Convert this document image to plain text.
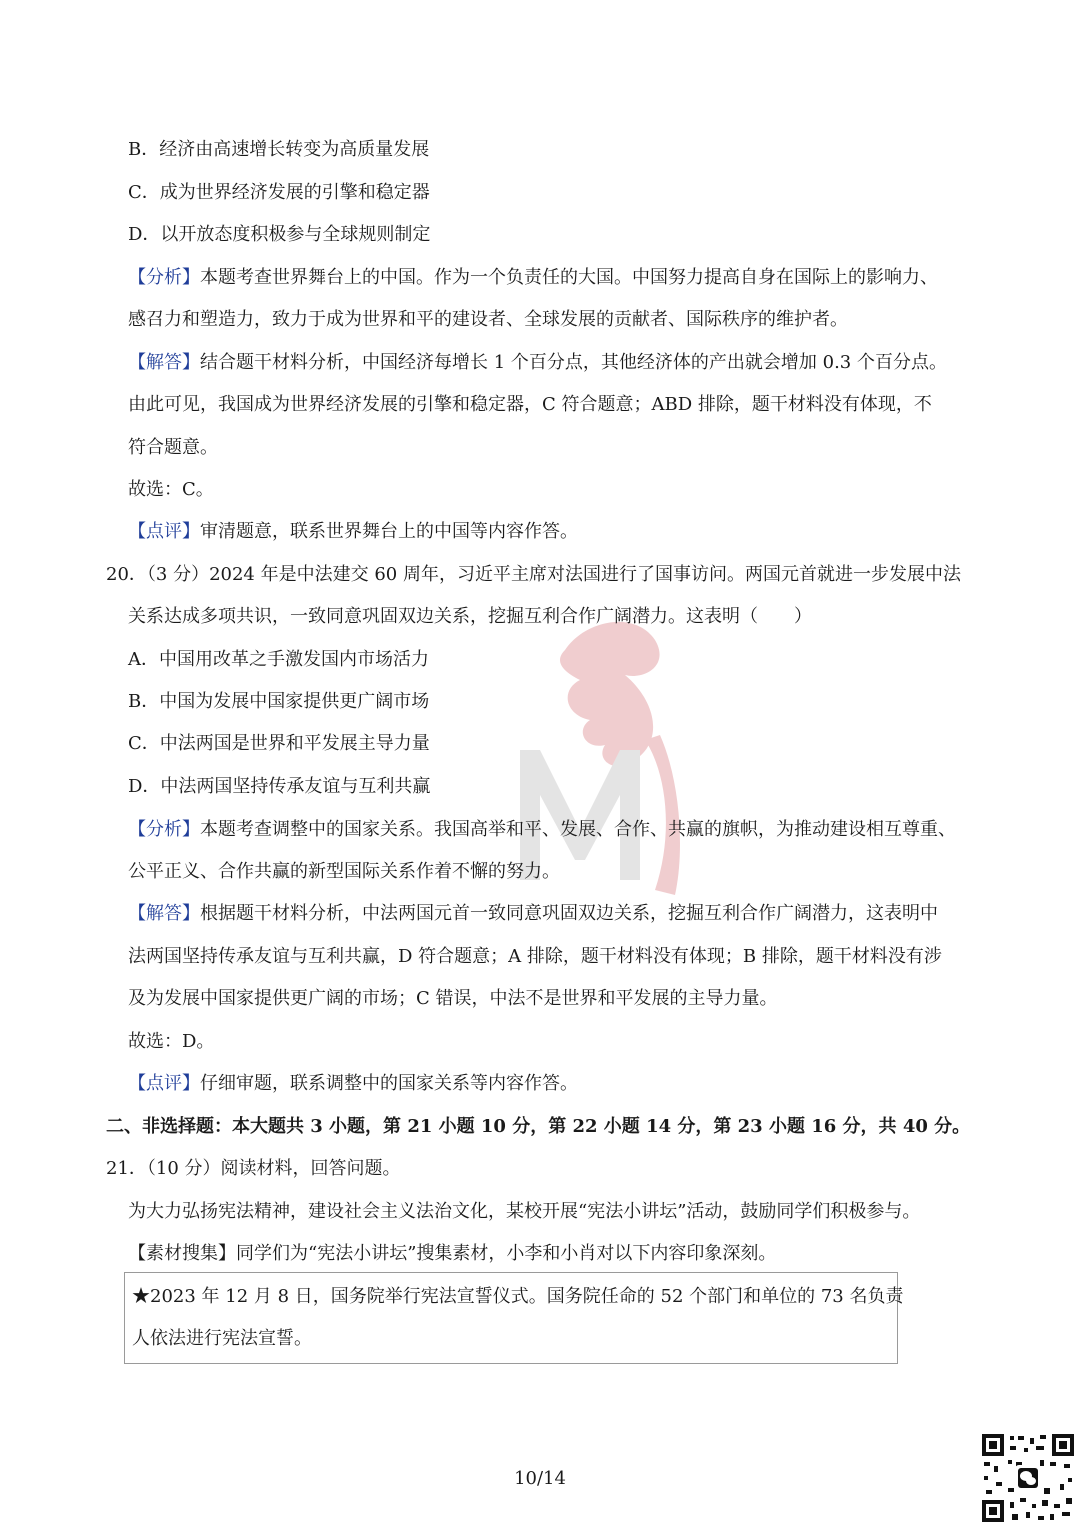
B．经济由高速增长转变为高质量发展
C．成为世界经济发展的引擎和稳定器
D．以开放态度积极参与全球规则制定
【分析】本题考查世界舞台上的中国。作为一个负责任的大国。中国努力提高自身在国际上的影响力、
感召力和塑造力，致力于成为世界和平的建设者、全球发展的贡献者、国际秩序的维护者。
【解答】结合题干材料分析，中国经济每增长 1 个百分点，其他经济体的产出就会增加 0.3 个百分点。
由此可见，我国成为世界经济发展的引擎和稳定器，C 符合题意；ABD 排除，题干材料没有体现，不
符合题意。
故选：C。
【点评】审清题意，联系世界舞台上的中国等内容作答。
20．（3 分）2024 年是中法建交 60 周年，习近平主席对法国进行了国事访问。两国元首就进一步发展中法
关系达成多项共识，一致同意巩固双边关系，挖掘互利合作广阔潜力。这表明（　　）
A．中国用改革之手激发国内市场活力
B．中国为发展中国家提供更广阔市场
C．中法两国是世界和平发展主导力量
D．中法两国坚持传承友谊与互利共赢
【分析】本题考查调整中的国家关系。我国高举和平、发展、合作、共赢的旗帜，为推动建设相互尊重、
公平正义、合作共赢的新型国际关系作着不懈的努力。
【解答】根据题干材料分析，中法两国元首一致同意巩固双边关系，挖掘互利合作广阔潜力，这表明中
法两国坚持传承友谊与互利共赢，D 符合题意；A 排除，题干材料没有体现；B 排除，题干材料没有涉
及为发展中国家提供更广阔的市场；C 错误，中法不是世界和平发展的主导力量。
故选：D。
【点评】仔细审题，联系调整中的国家关系等内容作答。
二、非选择题：本大题共 3 小题，第 21 小题 10 分，第 22 小题 14 分，第 23 小题 16 分，共 40 分。
21．（10 分）阅读材料，回答问题。
为大力弘扬宪法精神，建设社会主义法治文化，某校开展“宪法小讲坛”活动，鼓励同学们积极参与。
【素材搜集】同学们为“宪法小讲坛”搜集素材，小李和小肖对以下内容印象深刻。
★2023 年 12 月 8 日，国务院举行宪法宣誓仪式。国务院任命的 52 个部门和单位的 73 名负责
人依法进行宪法宣誓。
10/14
